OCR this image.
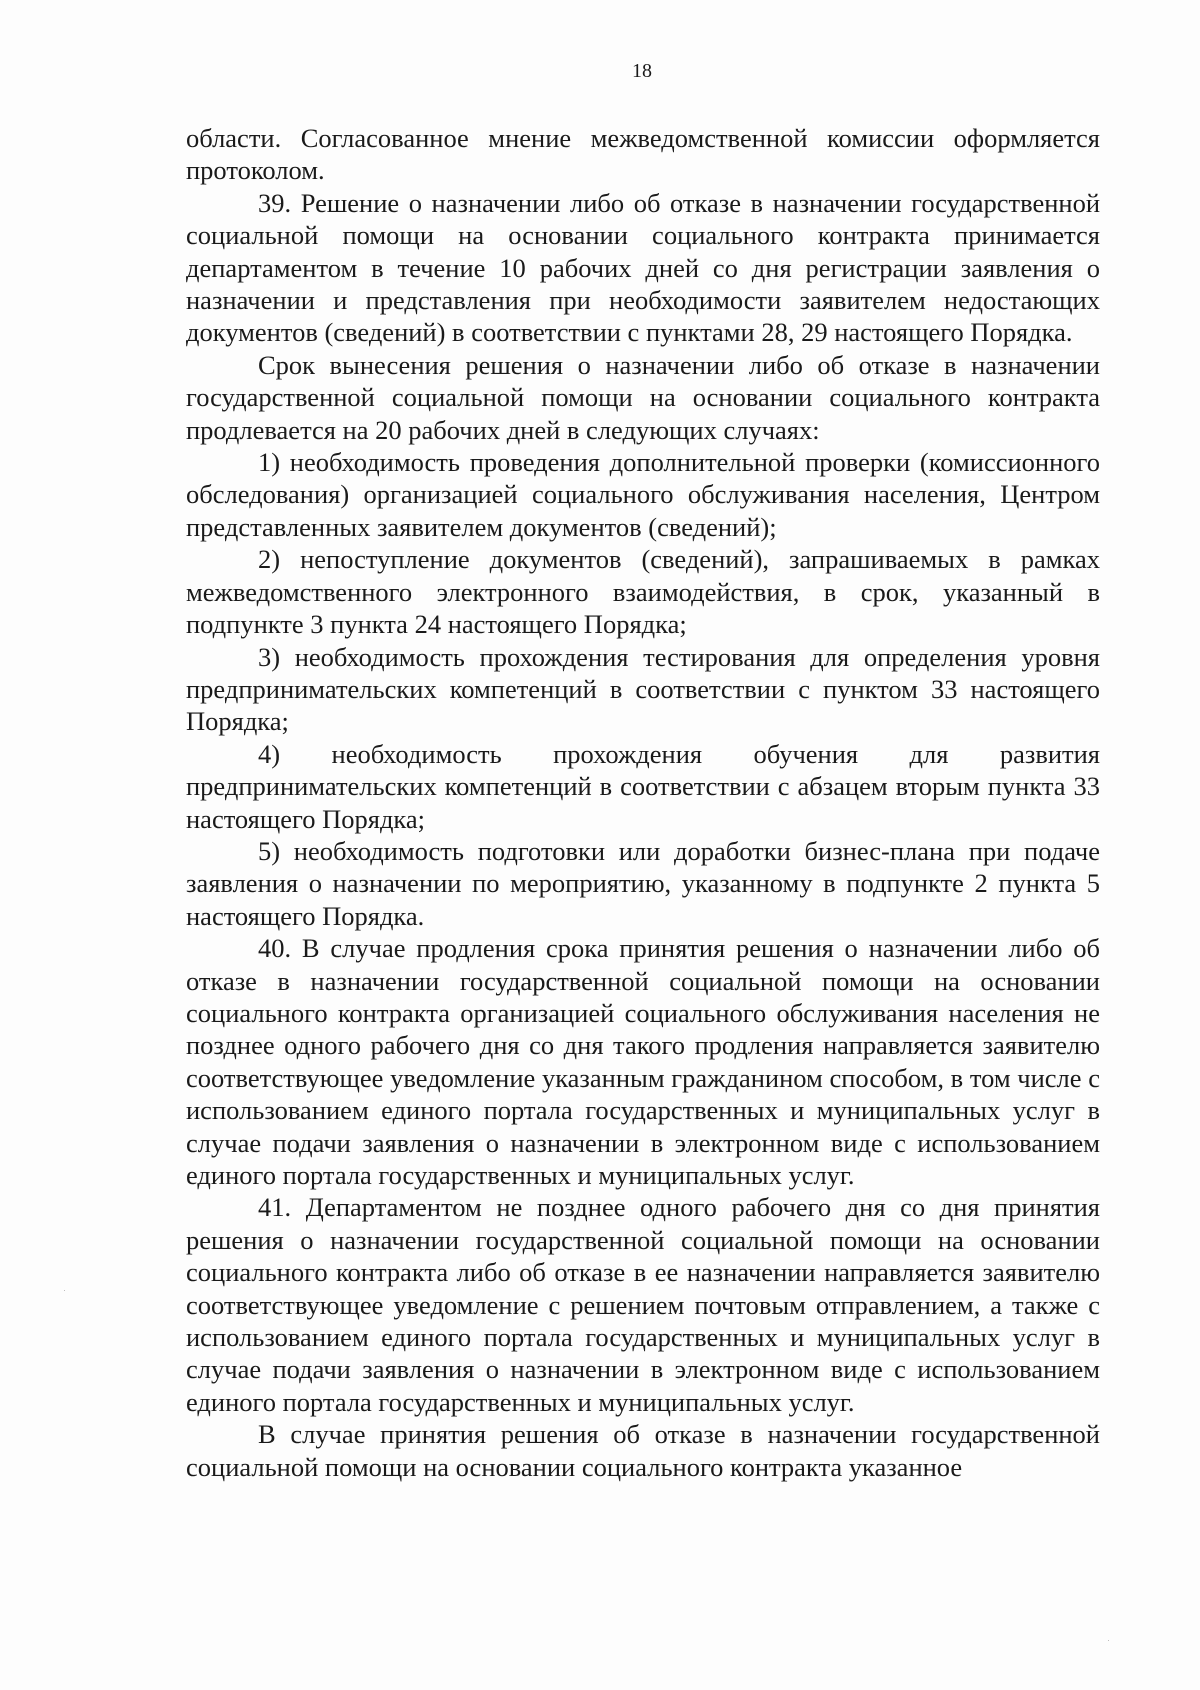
18

области. Согласованное мнение межведомственной комиссии оформляется протоколом.

39. Решение о назначении либо об отказе в назначении государственной социальной помощи на основании социального контракта принимается департаментом в течение 10 рабочих дней со дня регистрации заявления о назначении и представления при необходимости заявителем недостающих документов (сведений) в соответствии с пунктами 28, 29 настоящего Порядка.

Срок вынесения решения о назначении либо об отказе в назначении государственной социальной помощи на основании социального контракта продлевается на 20 рабочих дней в следующих случаях:

1) необходимость проведения дополнительной проверки (комиссионного обследования) организацией социального обслуживания населения, Центром представленных заявителем документов (сведений);

2) непоступление документов (сведений), запрашиваемых в рамках межведомственного электронного взаимодействия, в срок, указанный в подпункте 3 пункта 24 настоящего Порядка;

3) необходимость прохождения тестирования для определения уровня предпринимательских компетенций в соответствии с пунктом 33 настоящего Порядка;

4) необходимость прохождения обучения для развития предпринимательских компетенций в соответствии с абзацем вторым пункта 33 настоящего Порядка;

5) необходимость подготовки или доработки бизнес-плана при подаче заявления о назначении по мероприятию, указанному в подпункте 2 пункта 5 настоящего Порядка.

40. В случае продления срока принятия решения о назначении либо об отказе в назначении государственной социальной помощи на основании социального контракта организацией социального обслуживания населения не позднее одного рабочего дня со дня такого продления направляется заявителю соответствующее уведомление указанным гражданином способом, в том числе с использованием единого портала государственных и муниципальных услуг в случае подачи заявления о назначении в электронном виде с использованием единого портала государственных и муниципальных услуг.

41. Департаментом не позднее одного рабочего дня со дня принятия решения о назначении государственной социальной помощи на основании социального контракта либо об отказе в ее назначении направляется заявителю соответствующее уведомление с решением почтовым отправлением, а также с использованием единого портала государственных и муниципальных услуг в случае подачи заявления о назначении в электронном виде с использованием единого портала государственных и муниципальных услуг.

В случае принятия решения об отказе в назначении государственной социальной помощи на основании социального контракта указанное
